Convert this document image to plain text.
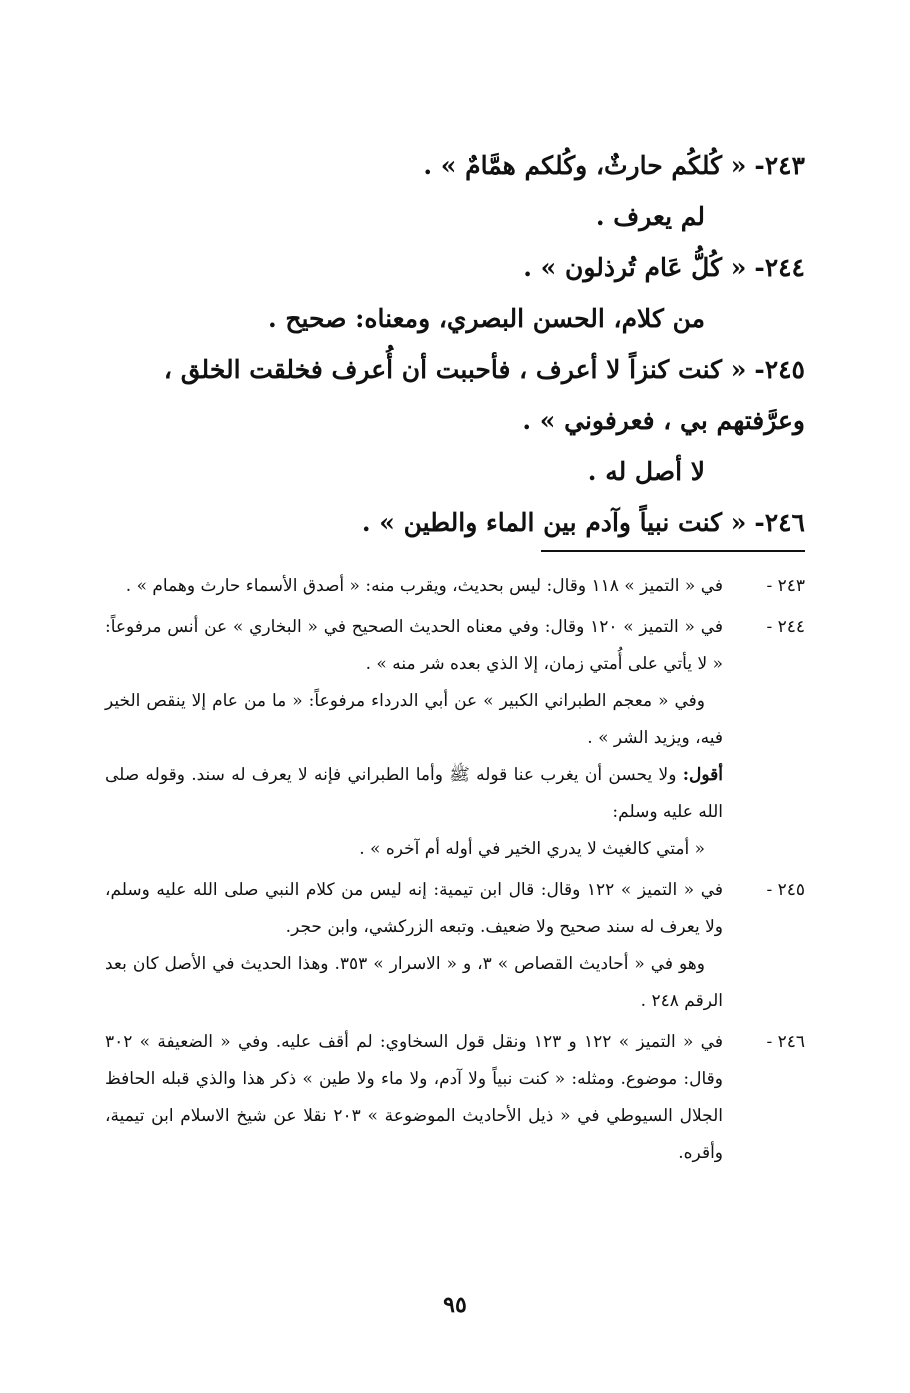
٢٤٣- « كُلكُم حارثٌ، وكُلكم همَّامٌ » .

لم يعرف .

٢٤٤- « كُلُّ عَام تُرذلون » .

من كلام، الحسن البصري، ومعناه: صحيح .

٢٤٥- « كنت كنزاً لا أعرف ، فأحببت أن أُعرف فخلقت الخلق ،

وعرَّفتهم بي ، فعرفوني » .

لا أصل له .

٢٤٦- « كنت نبياً وآدم بين الماء والطين » .

٢٤٣ -

في « التميز » ١١٨ وقال: ليس بحديث، ويقرب منه: « أصدق الأسماء حارث وهمام » .

٢٤٤ -

في « التميز » ١٢٠ وقال: وفي معناه الحديث الصحيح في « البخاري » عن أنس مرفوعاً: « لا يأتي على أُمتي زمان، إلا الذي بعده شر منه » .

وفي « معجم الطبراني الكبير » عن أبي الدرداء مرفوعاً: « ما من عام إلا ينقص الخير فيه، ويزيد الشر » .

أقول: ولا يحسن أن يغرب عنا قوله ﷺ وأما الطبراني فإنه لا يعرف له سند. وقوله صلى الله عليه وسلم:

« أمتي كالغيث لا يدري الخير في أوله أم آخره » .

٢٤٥ -

في « التميز » ١٢٢ وقال: قال ابن تيمية: إنه ليس من كلام النبي صلى الله عليه وسلم، ولا يعرف له سند صحيح ولا ضعيف. وتبعه الزركشي، وابن حجر.

وهو في « أحاديث القصاص » ٣، و « الاسرار » ٣٥٣. وهذا الحديث في الأصل كان بعد الرقم ٢٤٨ .

٢٤٦ -

في « التميز » ١٢٢ و ١٢٣ ونقل قول السخاوي: لم أقف عليه. وفي « الضعيفة » ٣٠٢ وقال: موضوع. ومثله: « كنت نبياً ولا آدم، ولا ماء ولا طين » ذكر هذا والذي قبله الحافظ الجلال السيوطي في « ذيل الأحاديث الموضوعة » ٢٠٣ نقلا عن شيخ الاسلام ابن تيمية، وأقره.

٩٥
